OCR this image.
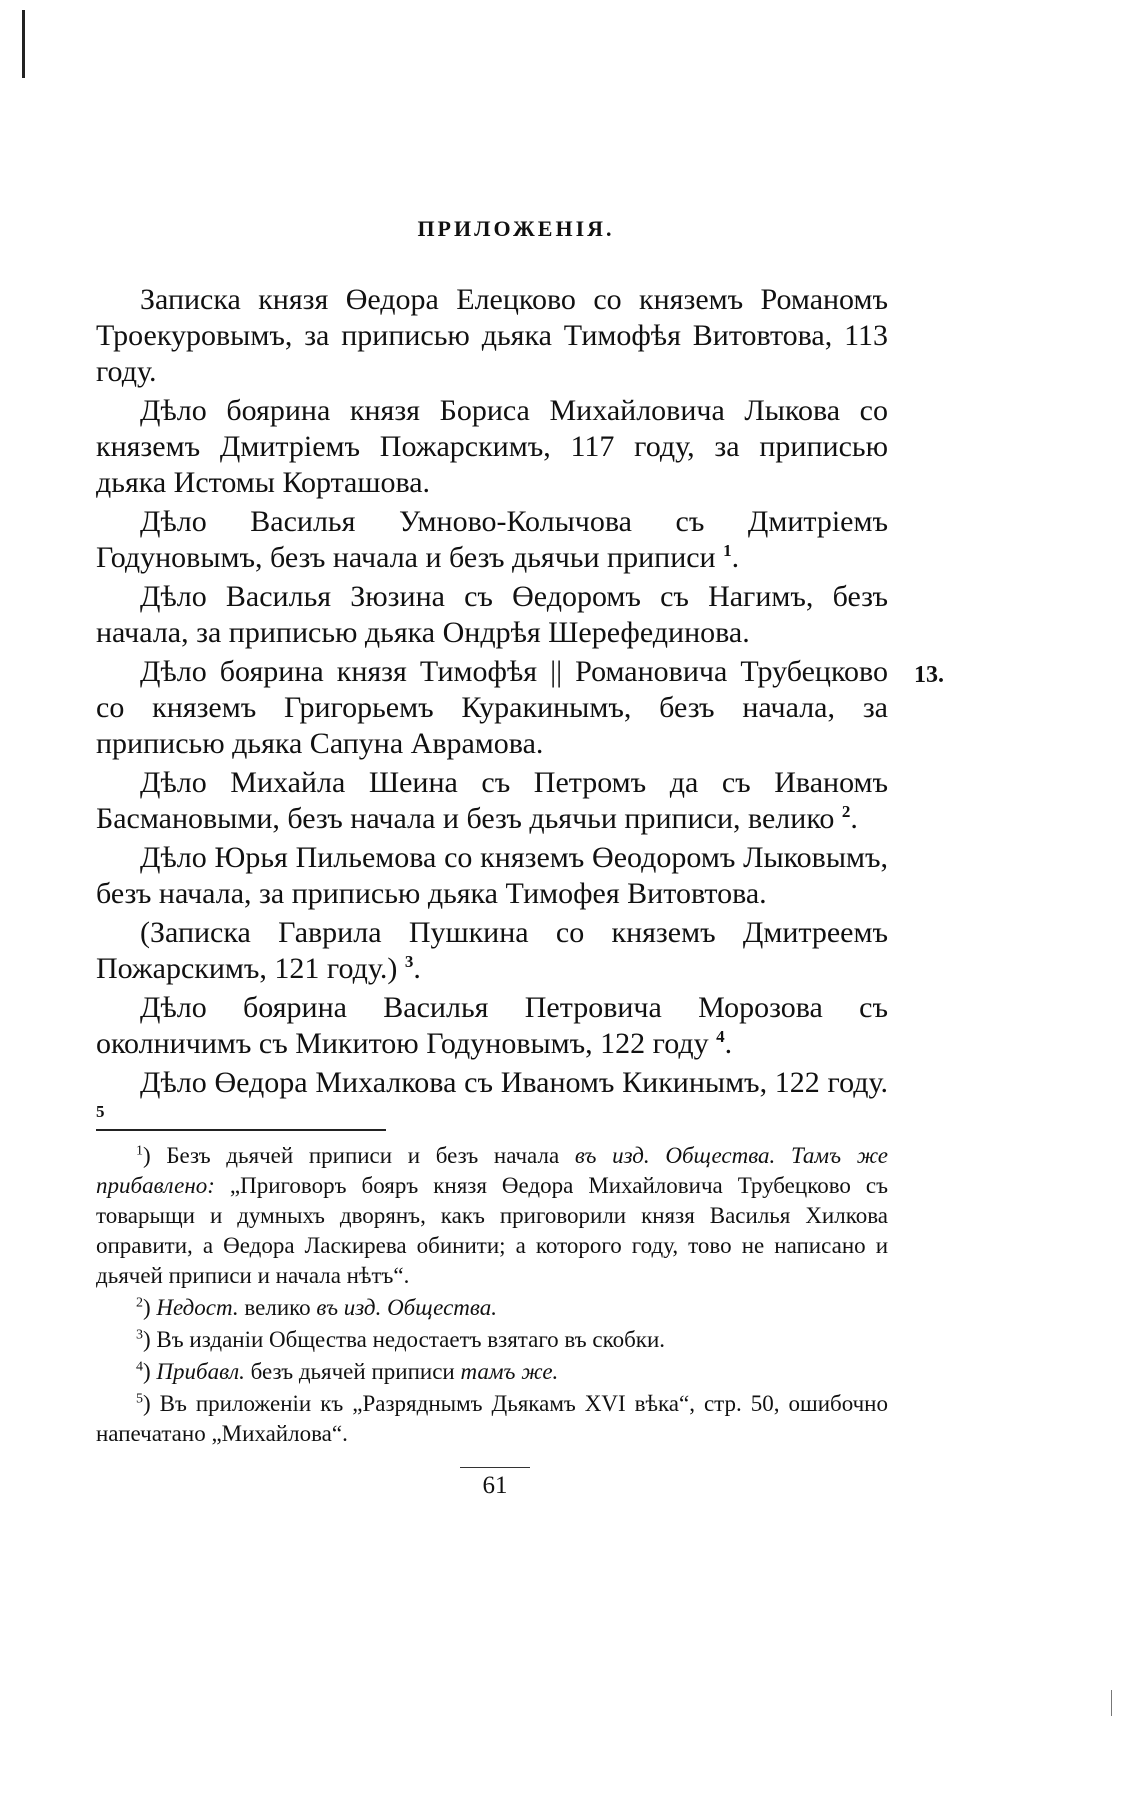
ПРИЛОЖЕНІЯ.

Записка князя Өедора Елецково со княземъ Романомъ Троекуровымъ, за приписью дьяка Тимофѣя Витовтова, 113 году.

Дѣло боярина князя Бориса Михайловича Лыкова со княземъ Дмитріемъ Пожарскимъ, 117 году, за приписью дьяка Истомы Корташова.

Дѣло Василья Умново-Колычова съ Дмитріемъ Годуновымъ, безъ начала и безъ дьячьи приписи $^1$.

Дѣло Василья Зюзина съ Өедоромъ съ Нагимъ, безъ начала, за приписью дьяка Ондрѣя Шерефединова.

Дѣло боярина князя Тимофѣя || Романовича Трубецково со княземъ Григорьемъ Куракинымъ, безъ начала, за приписью дьяка Сапуна Аврамова.
13.

Дѣло Михайла Шеина съ Петромъ да съ Иваномъ Басмановыми, безъ начала и безъ дьячьи приписи, велико $^2$.

Дѣло Юрья Пильемова со княземъ Өеодоромъ Лыковымъ, безъ начала, за приписью дьяка Тимофея Витовтова.

(Записка Гаврила Пушкина со княземъ Дмитреемъ Пожарскимъ, 121 году.) $^3$.

Дѣло боярина Василья Петровича Морозова съ околничимъ съ Микитою Годуновымъ, 122 году $^4$.

Дѣло Өедора Михалкова съ Иваномъ Кикинымъ, 122 году. $^5$

$^1$) Безъ дьячей приписи и безъ начала въ изд. Общества. Тамъ же прибавлено: „Приговоръ бояръ князя Өедора Михайловича Трубецково съ товарыщи и думныхъ дворянъ, какъ приговорили князя Василья Хилкова оправити, а Өедора Ласкирева обинити; а которого году, тово не написано и дьячей приписи и начала нѣтъ“.

$^2$) Недост. велико въ изд. Общества.

$^3$) Въ изданіи Общества недостаетъ взятаго въ скобки.

$^4$) Прибавл. безъ дьячей приписи тамъ же.

$^5$) Въ приложеніи къ „Разряднымъ Дьякамъ XVI вѣка“, стр. 50, ошибочно напечатано „Михайлова“.

61
